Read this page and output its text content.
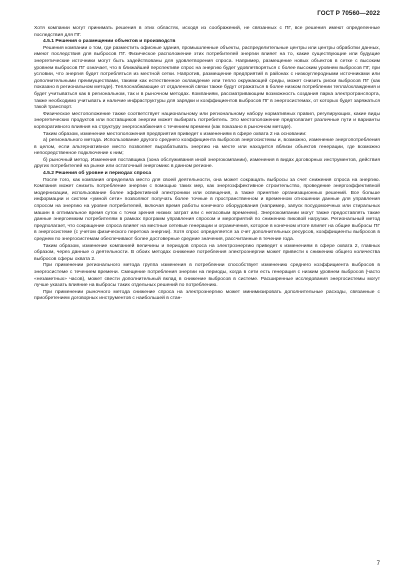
ГОСТ Р 70560—2022

Хотя компании могут принимать решения в этих областях, исходя из соображений, не связанных с ПГ, все решения имеют определенные последствия для ПГ.

4.5.1 Решения о размещении объектов и производств

Решения компании о том, где разместить офисные здания, промышленные объекты, распределительные центры или центры обработки данных, имеют последствия для выбросов ПГ. Физическое расположение этих потребителей энергии влияет на то, какие существующие или будущие энергетические источники могут быть задействованы для удовлетворения спроса. Например, размещение новых объектов в сетке с высоким уровнем выбросов ПГ означает, что в ближайшей перспективе спрос на энергию будет удовлетворяться с более высоким уровнем выбросов ПГ, при условии, что энергия будет потребляться из местной сетки. Напротив, размещение предприятий в районах с низкоуглеродными источниками или дополнительными преимуществами, такими как естественное охлаждение или тепло окружающей среды, может снизить риски выбросов ПГ (как показано в региональном методе). Теплоснабжающие от отдаленной связи также будут отражаться в более низком потреблении тепла/охлаждения и будет учитываться как в региональном, так и в рыночном методах. Компаниям, рассматривающим возможность создания парка электротранспорта, также необходимо учитывать и наличие инфраструктуры для зарядки и коэффициентов выбросов ПГ в энергосистемах, от которых будет заряжаться такой транспорт.

Физическое местоположение также соответствует национальному или региональному набору нормативных правил, регулирующих, какие виды энергетических продуктов или поставщиков энергии может выбирать потребитель. Это местоположение предполагает различные пути и варианты корпоративного влияния на структуру энергоснабжения с течением времени (как показано в рыночном методе).

Таким образом, изменение местоположения предприятия приведет к изменениям в сфере охвата 2 на основании:

а) регионального метода. Использование другого среднего коэффициента выбросов энергосистемы и, возможно, изменение энергопотребления в целом, если альтернативное место позволяет вырабатывать энергию на месте или находится вблизи объектов генерации, где возможно непосредственное подключение к ним;

б) рыночный метод. Изменения поставщика (зона обслуживания иной энергокомпании), изменения в видах договорных инструментов, действия других потребителей на рынке или остаточный энергомикс в данном регионе.

4.5.2 Решения об уровне и периодах спроса

После того, как компания определила место для своей деятельности, она может сокращать выбросы за счет снижения спроса на энергию. Компания может снизить потребление энергии с помощью таких мер, как энергоэффективное строительство, проведение энергоэффективной модернизации, использование более эффективной электроники или освещения, а также принятие организационных решений. Все больше информации и систем «умной сети» позволяют получать более точные в пространственном и временном отношении данные для управления спросом на энергию на уровне потребителей, включая время работы конечного оборудования (например, запуск посудомоечных или стиральных машин в оптимальное время суток с точки зрения низких затрат или с негасовым временем). Энергокомпании могут также предоставлять такие данные энергоемким потребителям в рамках программ управления спросом и мероприятий по снижению пиковой нагрузки. Региональный метод предполагает, что сокращение спроса влияет на местные сетевые генерации и ограничения, которое в конечном итоге влияет на общие выбросы ПГ в энергосистеме (с учетом физического перетока энергии). Хотя спрос определяется за счет дополнительных ресурсов, коэффициенты выбросов в среднем по энергосистемам обеспечивают более достоверные средние значения, рассчитанные в течение года.

Таким образом, изменение компанией величины и периодов спроса на электроэнергию приведет к изменениям в сфере охвата 2, главных образом, через данные о деятельности. В обоих методах снижение потребления электроэнергии может привести к снижению общего количества выбросов сферы охвата 2.

При применении регионального метода группа изменения в потреблении способствует изменению среднего коэффициента выбросов в энергосистеме с течением времени. Смещение потребления энергии на периоды, когда в сети есть генерация с низким уровнем выбросов (часто «незаметных» часов), может свести дополнительный вклад в снижение выбросов в системе. Расширенные исследования энергосистемы могут лучше указать влияние на выбросы таких отдельных решений по потреблению.

При применении рыночного метода снижение спроса на электроэнергию может минимизировать дополнительные расходы, связанные с приобретением договорных инструментов с наибольшей в стан-

7
